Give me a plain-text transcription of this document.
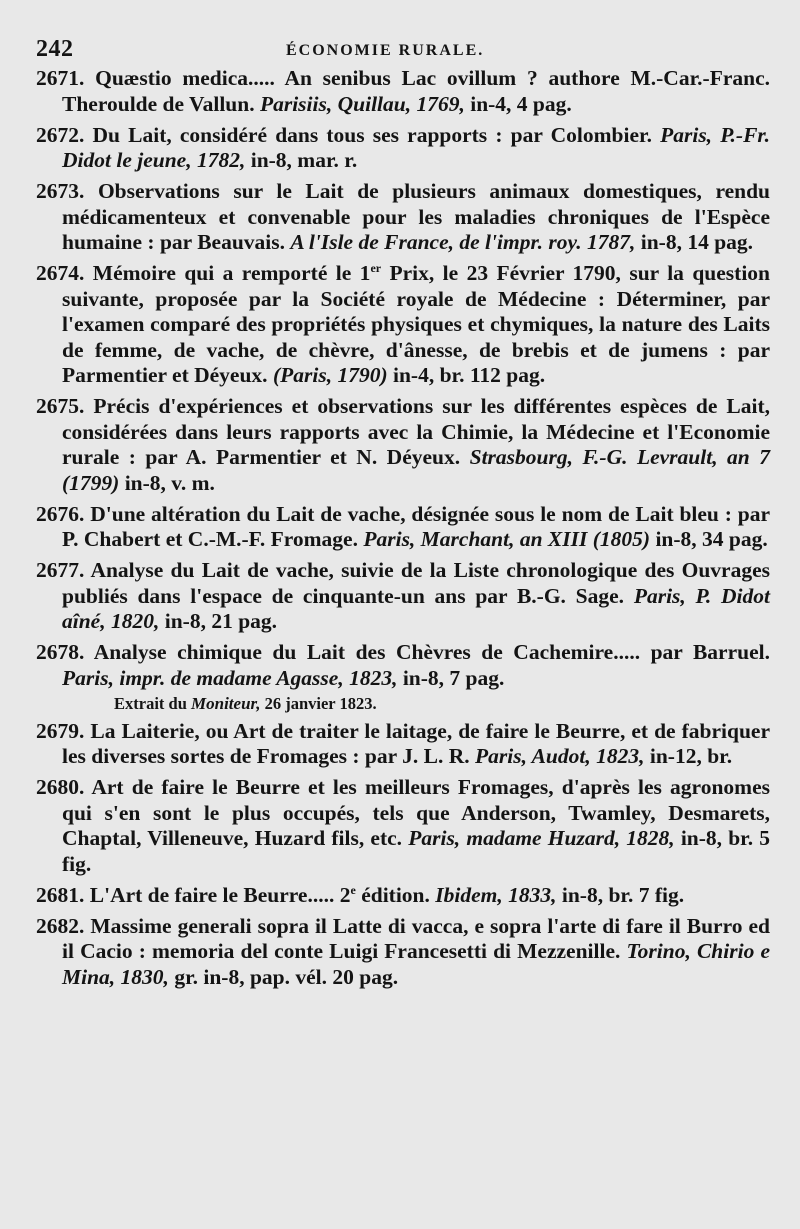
242	ÉCONOMIE RURALE.

2671. Quæstio medica..... An senibus Lac ovillum ? authore M.-Car.-Franc. Theroulde de Vallun. Parisiis, Quillau, 1769, in-4, 4 pag.

2672. Du Lait, considéré dans tous ses rapports : par Colombier. Paris, P.-Fr. Didot le jeune, 1782, in-8, mar. r.

2673. Observations sur le Lait de plusieurs animaux domestiques, rendu médicamenteux et convenable pour les maladies chroniques de l'Espèce humaine : par Beauvais. A l'Isle de France, de l'impr. roy. 1787, in-8, 14 pag.

2674. Mémoire qui a remporté le 1er Prix, le 23 Février 1790, sur la question suivante, proposée par la Société royale de Médecine : Déterminer, par l'examen comparé des propriétés physiques et chymiques, la nature des Laits de femme, de vache, de chèvre, d'ânesse, de brebis et de jumens : par Parmentier et Déyeux. (Paris, 1790) in-4, br. 112 pag.

2675. Précis d'expériences et observations sur les différentes espèces de Lait, considérées dans leurs rapports avec la Chimie, la Médecine et l'Economie rurale : par A. Parmentier et N. Déyeux. Strasbourg, F.-G. Levrault, an 7 (1799) in-8, v. m.

2676. D'une altération du Lait de vache, désignée sous le nom de Lait bleu : par P. Chabert et C.-M.-F. Fromage. Paris, Marchant, an XIII (1805) in-8, 34 pag.

2677. Analyse du Lait de vache, suivie de la Liste chronologique des Ouvrages publiés dans l'espace de cinquante-un ans par B.-G. Sage. Paris, P. Didot aîné, 1820, in-8, 21 pag.

2678. Analyse chimique du Lait des Chèvres de Cachemire..... par Barruel. Paris, impr. de madame Agasse, 1823, in-8, 7 pag.

Extrait du Moniteur, 26 janvier 1823.

2679. La Laiterie, ou Art de traiter le laitage, de faire le Beurre, et de fabriquer les diverses sortes de Fromages : par J. L. R. Paris, Audot, 1823, in-12, br.

2680. Art de faire le Beurre et les meilleurs Fromages, d'après les agronomes qui s'en sont le plus occupés, tels que Anderson, Twamley, Desmarets, Chaptal, Villeneuve, Huzard fils, etc. Paris, madame Huzard, 1828, in-8, br. 5 fig.

2681. L'Art de faire le Beurre..... 2e édition. Ibidem, 1833, in-8, br. 7 fig.

2682. Massime generali sopra il Latte di vacca, e sopra l'arte di fare il Burro ed il Cacio : memoria del conte Luigi Francesetti di Mezzenille. Torino, Chirio e Mina, 1830, gr. in-8, pap. vél. 20 pag.
